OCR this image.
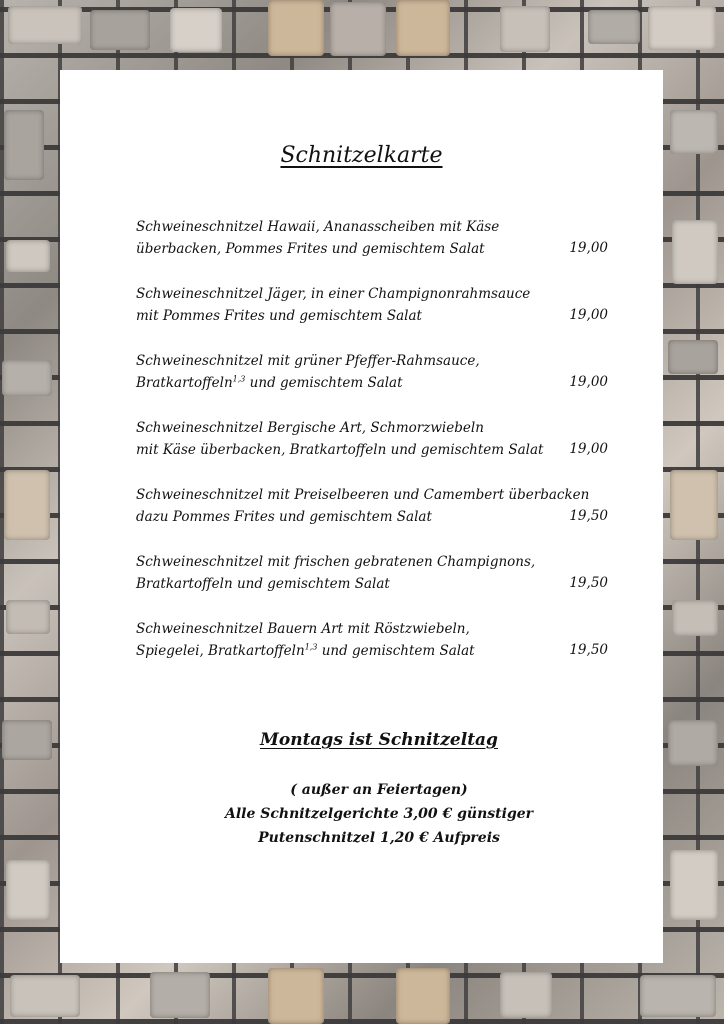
Schnitzelkarte
Schweineschnitzel Hawaii, Ananasscheiben mit Käse
überbacken, Pommes Frites und gemischtem Salat	19,00
Schweineschnitzel Jäger, in einer Champignonrahmsauce
mit Pommes Frites und gemischtem Salat	19,00
Schweineschnitzel mit grüner Pfeffer-Rahmsauce,
Bratkartoffeln$^{1,3}$ und gemischtem Salat	19,00
Schweineschnitzel Bergische Art, Schmorzwiebeln
mit Käse überbacken, Bratkartoffeln und gemischtem Salat	19,00
Schweineschnitzel mit Preiselbeeren und Camembert überbacken
dazu Pommes Frites und gemischtem Salat	19,50
Schweineschnitzel mit frischen gebratenen Champignons,
Bratkartoffeln und gemischtem Salat	19,50
Schweineschnitzel Bauern Art mit Röstzwiebeln,
Spiegelei, Bratkartoffeln$^{1,3}$ und gemischtem Salat	19,50
Montags ist Schnitzeltag
( außer an Feiertagen)
Alle Schnitzelgerichte 3,00 € günstiger
Putenschnitzel 1,20 € Aufpreis
